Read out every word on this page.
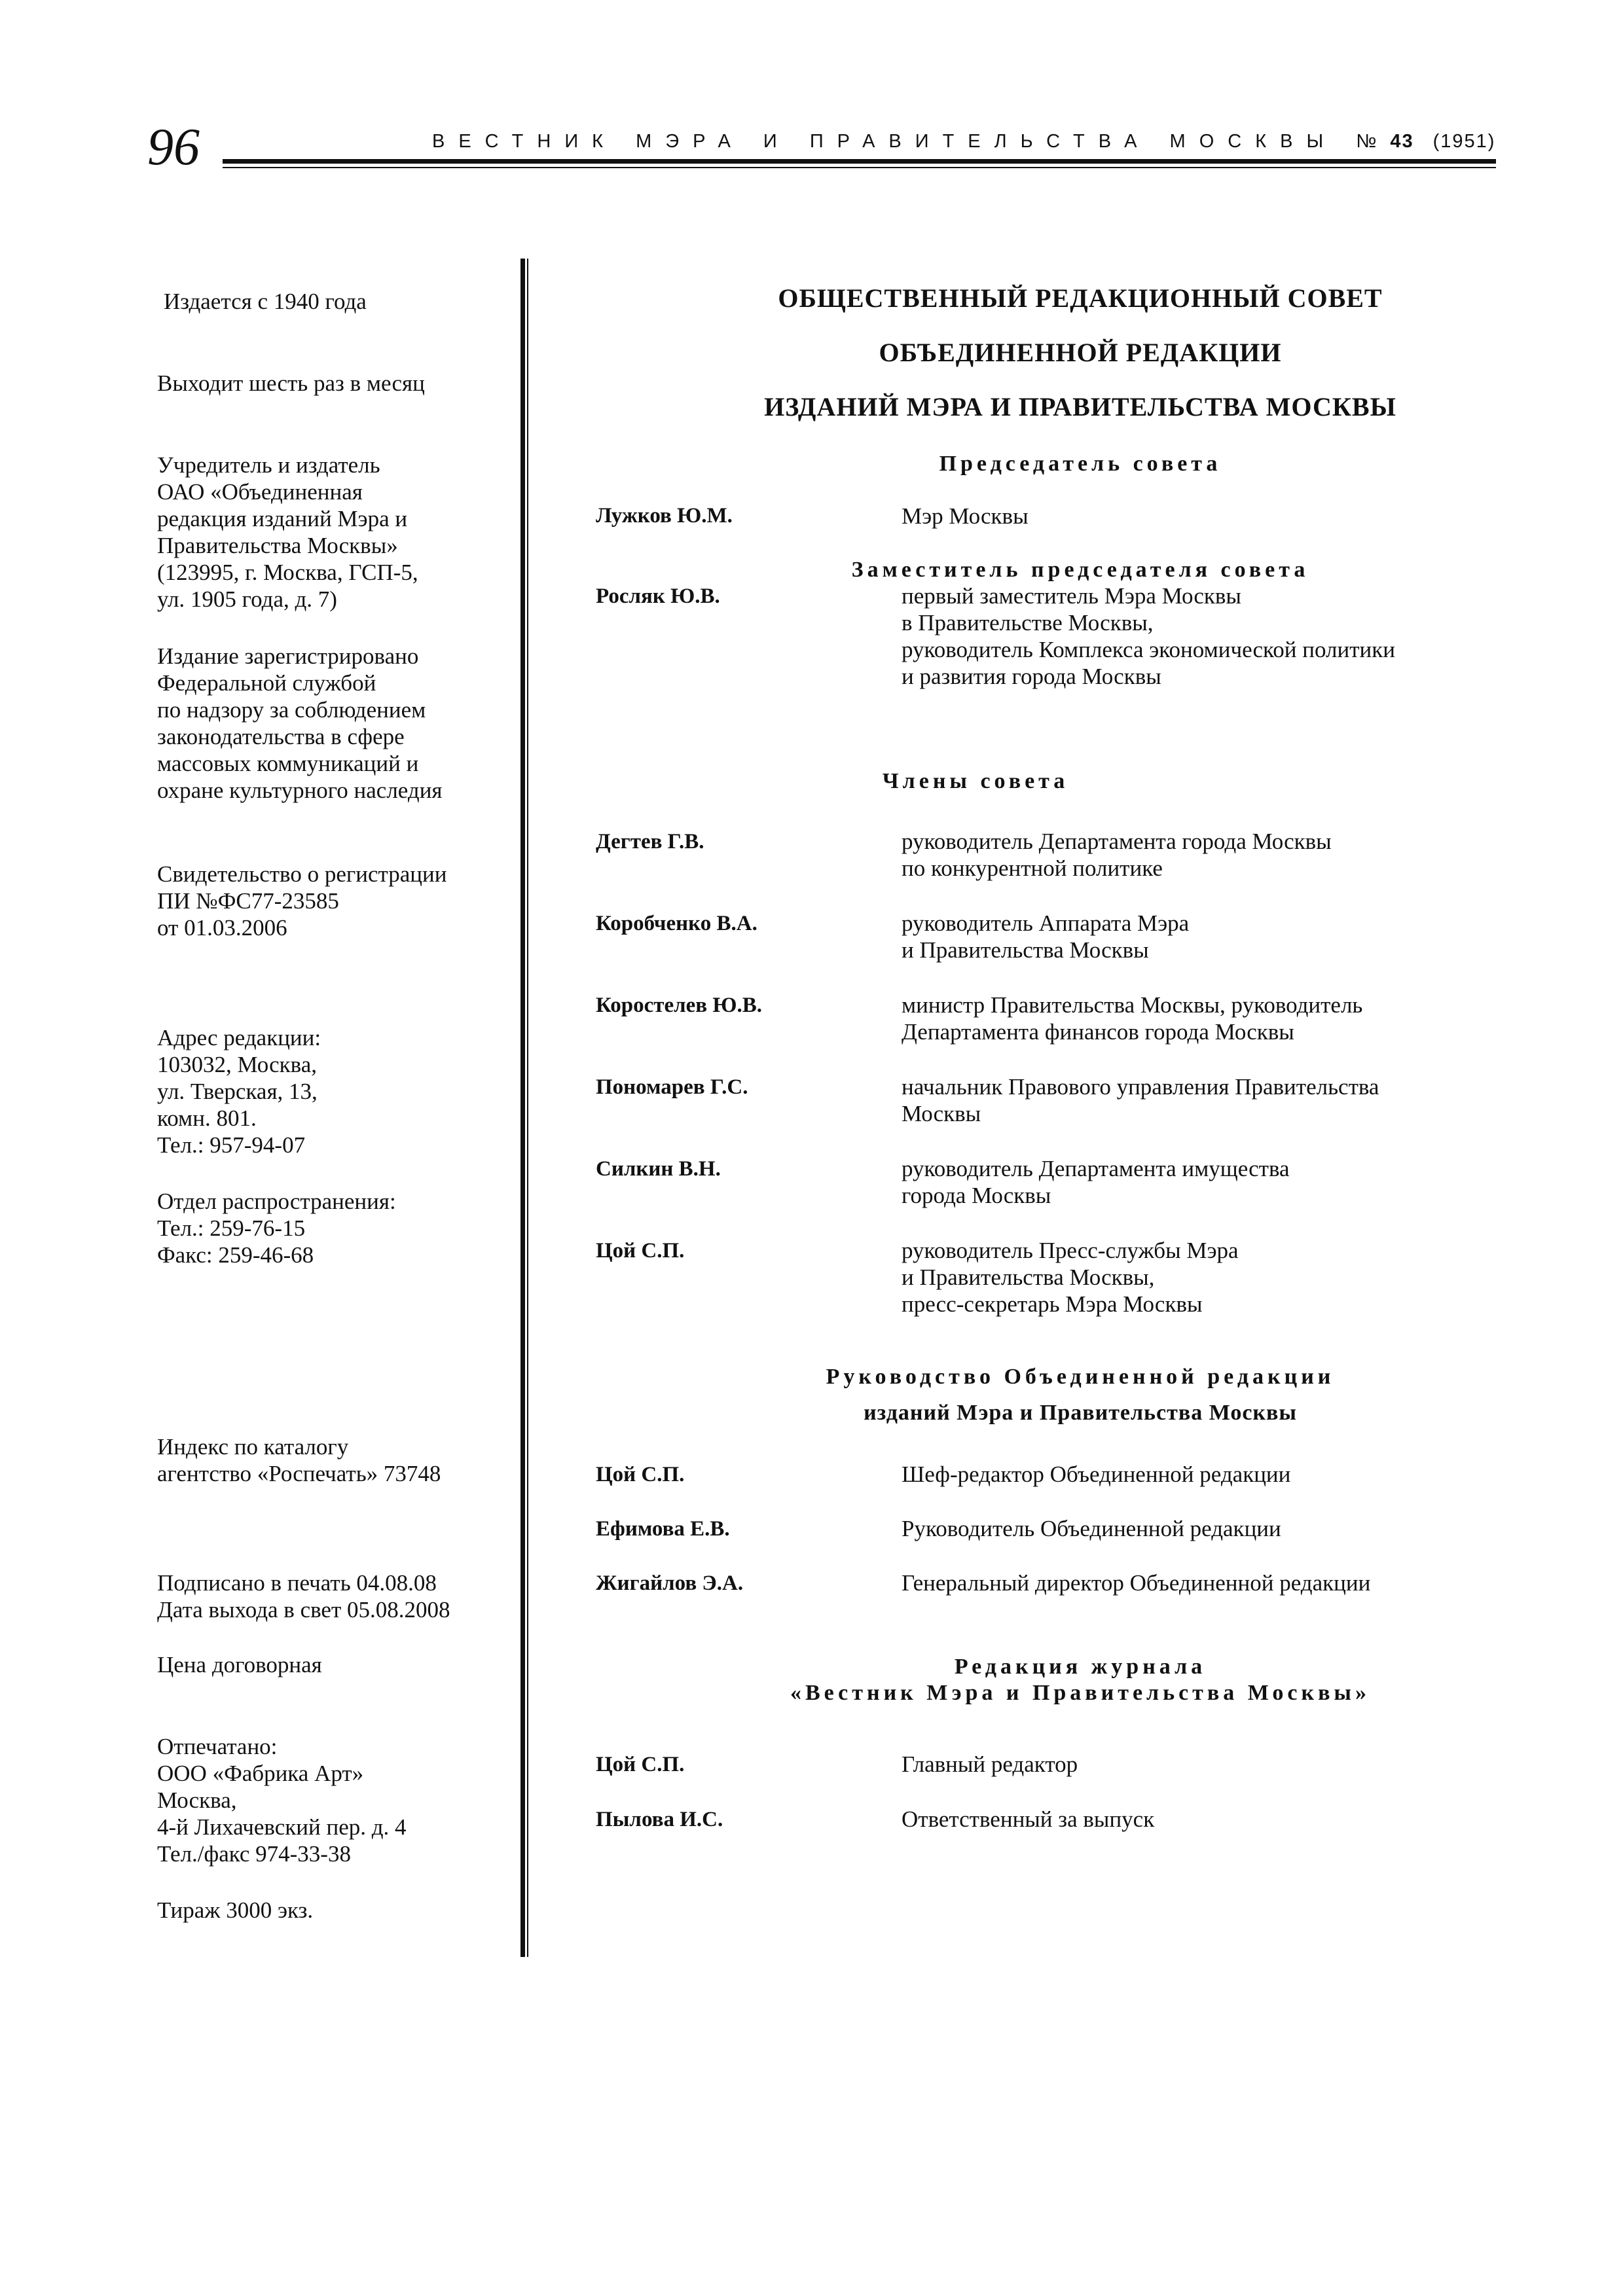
96	ВЕСТНИК МЭРА И ПРАВИТЕЛЬСТВА МОСКВЫ №43 (1951)
Издается с 1940 года
Выходит шесть раз в месяц
Учредитель и издатель
ОАО «Объединенная
редакция изданий Мэра и
Правительства Москвы»
(123995, г. Москва, ГСП-5,
ул. 1905 года, д. 7)
Издание зарегистрировано
Федеральной службой
по надзору за соблюдением
законодательства в сфере
массовых коммуникаций и
охране культурного наследия
Свидетельство о регистрации
ПИ №ФС77-23585
от 01.03.2006
Адрес редакции:
103032, Москва,
ул. Тверская, 13,
комн. 801.
Тел.: 957-94-07
Отдел распространения:
Тел.: 259-76-15
Факс: 259-46-68
Индекс по каталогу
агентство «Роспечать» 73748
Подписано в печать 04.08.08
Дата выхода в свет 05.08.2008
Цена договорная
Отпечатано:
ООО «Фабрика Арт»
Москва,
4-й Лихачевский пер. д. 4
Тел./факс 974-33-38
Тираж 3000 экз.
ОБЩЕСТВЕННЫЙ РЕДАКЦИОННЫЙ СОВЕТ
ОБЪЕДИНЕННОЙ РЕДАКЦИИ
ИЗДАНИЙ МЭРА И ПРАВИТЕЛЬСТВА МОСКВЫ
Председатель совета
Лужков Ю.М.	Мэр Москвы
Заместитель председателя совета
Росляк Ю.В.	первый заместитель Мэра Москвы
в Правительстве Москвы,
руководитель Комплекса экономической политики
и развития города Москвы
Члены совета
Дегтев Г.В.	руководитель Департамента города Москвы
по конкурентной политике
Коробченко В.А.	руководитель Аппарата Мэра
и Правительства Москвы
Коростелев Ю.В.	министр Правительства Москвы, руководитель
Департамента финансов города Москвы
Пономарев Г.С.	начальник Правового управления Правительства
Москвы
Силкин В.Н.	руководитель Департамента имущества
города Москвы
Цой С.П.	руководитель Пресс-службы Мэра
и Правительства Москвы,
пресс-секретарь Мэра Москвы
Руководство Объединенной редакции
изданий Мэра и Правительства Москвы
Цой С.П.	Шеф-редактор Объединенной редакции
Ефимова Е.В.	Руководитель Объединенной редакции
Жигайлов Э.А.	Генеральный директор Объединенной редакции
Редакция журнала
«Вестник Мэра и Правительства Москвы»
Цой С.П.	Главный редактор
Пылова И.С.	Ответственный за выпуск
